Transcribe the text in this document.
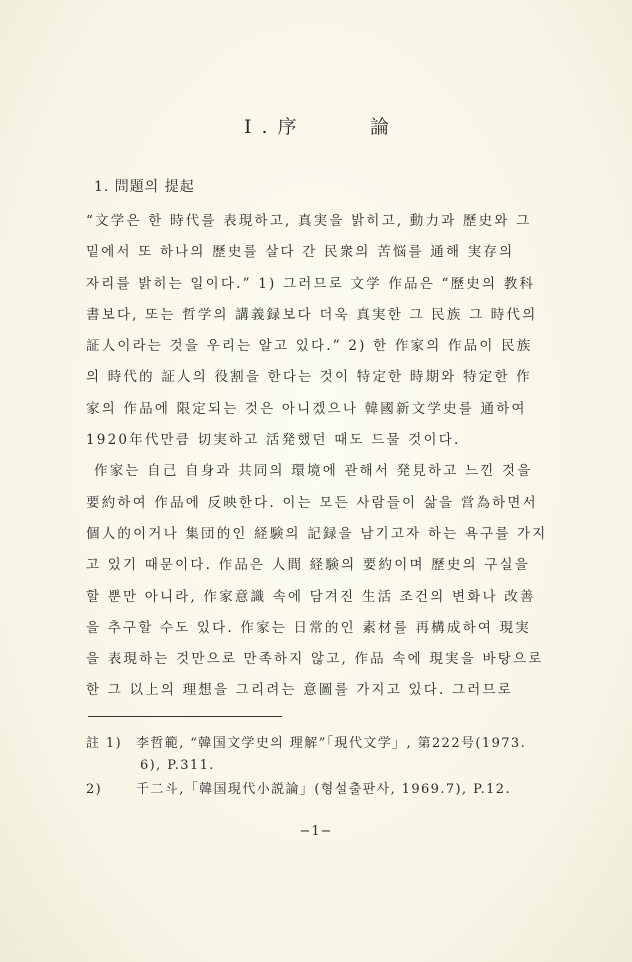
I . 序	論
1. 問題의 提起
“文学은 한 時代를 表現하고, 真実을 밝히고, 動力과 歷史와 그
밑에서 또 하나의 歷史를 살다 간 民衆의 苦悩를 通해 実存의
자리를 밝히는 일이다.” 1) 그러므로 文学 作品은 “歷史의 教科
書보다, 또는 哲学의 講義録보다 더욱 真実한 그 民族 그 時代의
証人이라는 것을 우리는 알고 있다.” 2) 한 作家의 作品이 民族
의 時代的 証人의 役割을 한다는 것이 特定한 時期와 特定한 作
家의 作品에 限定되는 것은 아니겠으나 韓國新文学史를 通하여
1920年代만큼 切実하고 活発했던 때도 드물 것이다.
作家는 自己 自身과 共同의 環境에 관해서 発見하고 느낀 것을
要約하여 作品에 反映한다. 이는 모든 사람들이 삶을 営為하면서
個人的이거나 集団的인 経験의 記録을 남기고자 하는 욕구를 가지
고 있기 때문이다. 作品은 人間 経験의 要約이며 歷史의 구실을
할 뿐만 아니라, 作家意識 속에 담겨진 生活 조건의 변화나 改善
을 추구할 수도 있다. 作家는 日常的인 素材를 再構成하여 現実
을 表現하는 것만으로 만족하지 않고, 作品 속에 現実을 바탕으로
한 그 以上의 理想을 그리려는 意圖를 가지고 있다. 그러므로
註 1) 李哲範, “韓国文学史의 理解”「現代文学」, 第222号(1973.
6), P.311.
2)	千二斗,「韓国現代小説論」(형설출판사, 1969.7), P.12.
−1−
